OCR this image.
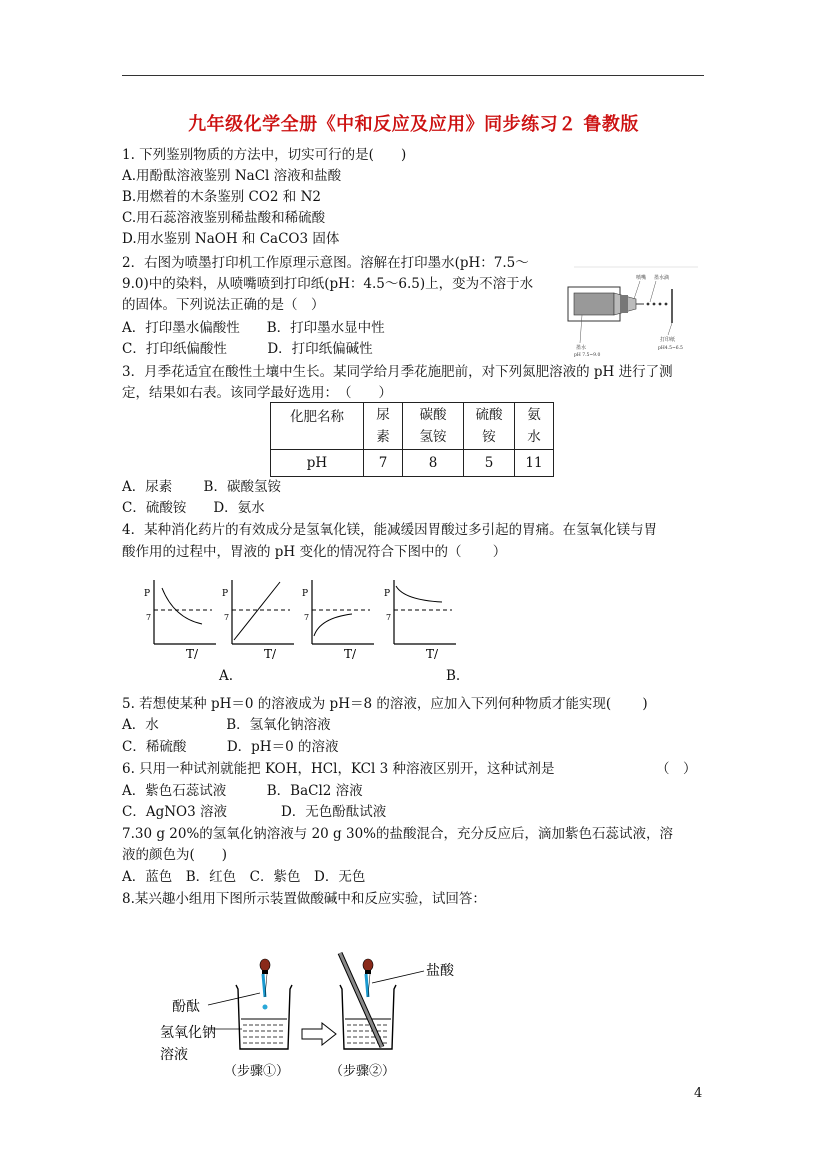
九年级化学全册《中和反应及应用》同步练习２ 鲁教版
1. 下列鉴别物质的方法中，切实可行的是(　　)
A.用酚酞溶液鉴别 NaCl 溶液和盐酸
B.用燃着的木条鉴别 CO2 和 N2
C.用石蕊溶液鉴别稀盐酸和稀硫酸
D.用水鉴别 NaOH 和 CaCO3 固体
2．右图为喷墨打印机工作原理示意图。溶解在打印墨水(pH：7.5～
9.0)中的染料，从喷嘴喷到打印纸(pH：4.5～6.5)上，变为不溶于水
的固体。下列说法正确的是（　）
A．打印墨水偏酸性　　B．打印墨水显中性
C．打印纸偏酸性　　　D．打印纸偏碱性
喷嘴 墨水滴
墨水
pH 7.5~9.0
打印纸
pH4.5~6.5
3．月季花适宜在酸性土壤中生长。某同学给月季花施肥前，对下列氮肥溶液的 pH 进行了测
定，结果如右表。该同学最好选用：　（　　）
化肥名称	尿素	碳酸氢铵	硫酸铵	氨水
pH	7	8	5	11
A．尿素　　 B．碳酸氢铵
C．硫酸铵　　D．氨水
4．某种消化药片的有效成分是氢氧化镁，能减缓因胃酸过多引起的胃痛。在氢氧化镁与胃
酸作用的过程中，胃液的 pH 变化的情况符合下图中的（　　 ）
P
7
T/
P
7
T/
P
7
T/
P
7
T/
A.	B.
5. 若想使某种 pH＝0 的溶液成为 pH＝8 的溶液，应加入下列何种物质才能实现(　　 )
A．水　　　　　B．氢氧化钠溶液
C．稀硫酸　　　D．pH＝0 的溶液
6. 只用一种试剂就能把 KOH，HCl，KCl 3 种溶液区别开，这种试剂是	（　）
A．紫色石蕊试液　　　B．BaCl2 溶液
C．AgNO3 溶液　　　　D．无色酚酞试液
7.30 g 20%的氢氧化钠溶液与 20 g 30%的盐酸混合，充分反应后，滴加紫色石蕊试液，溶
液的颜色为(　　)
A．蓝色　B．红色　C．紫色　D．无色
8.某兴趣小组用下图所示装置做酸碱中和反应实验，试回答：
酚酞
氢氧化钠
溶液
盐酸
（步骤①）	（步骤②）
4
